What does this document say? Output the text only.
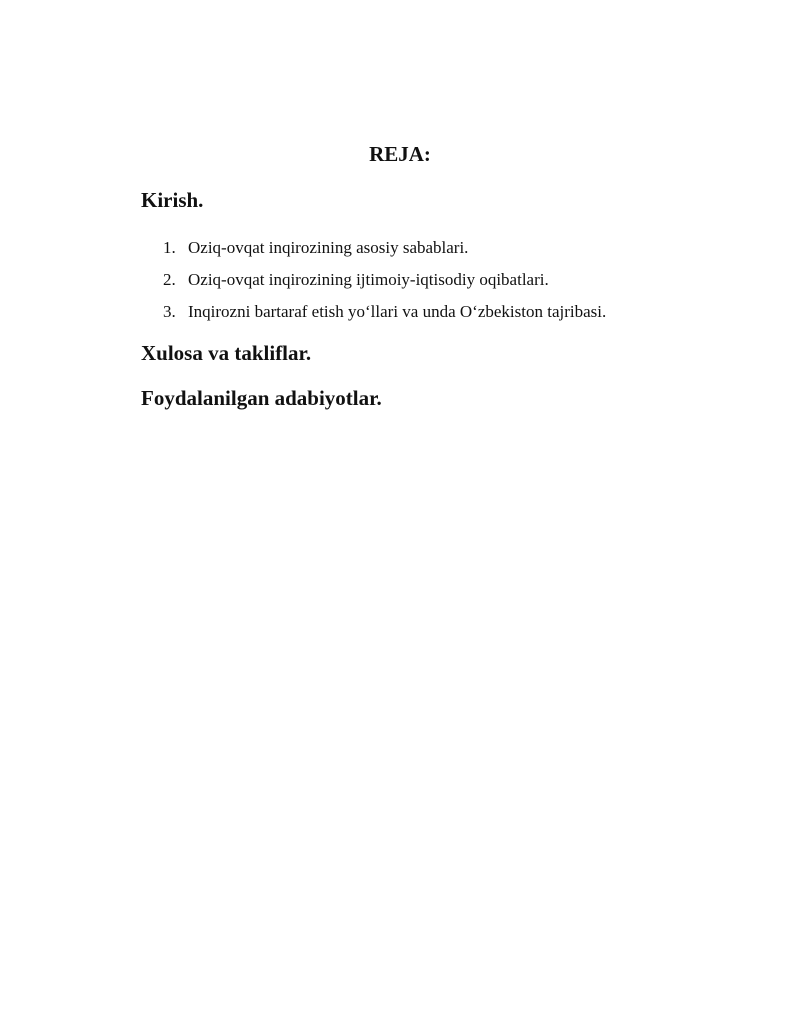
REJA:
Kirish.
1. Oziq-ovqat inqirozining asosiy sabablari.
2. Oziq-ovqat inqirozining ijtimoiy-iqtisodiy oqibatlari.
3. Inqirozni bartaraf etish yo‘llari va unda O‘zbekiston tajribasi.
Xulosa va takliflar.
Foydalanilgan adabiyotlar.
